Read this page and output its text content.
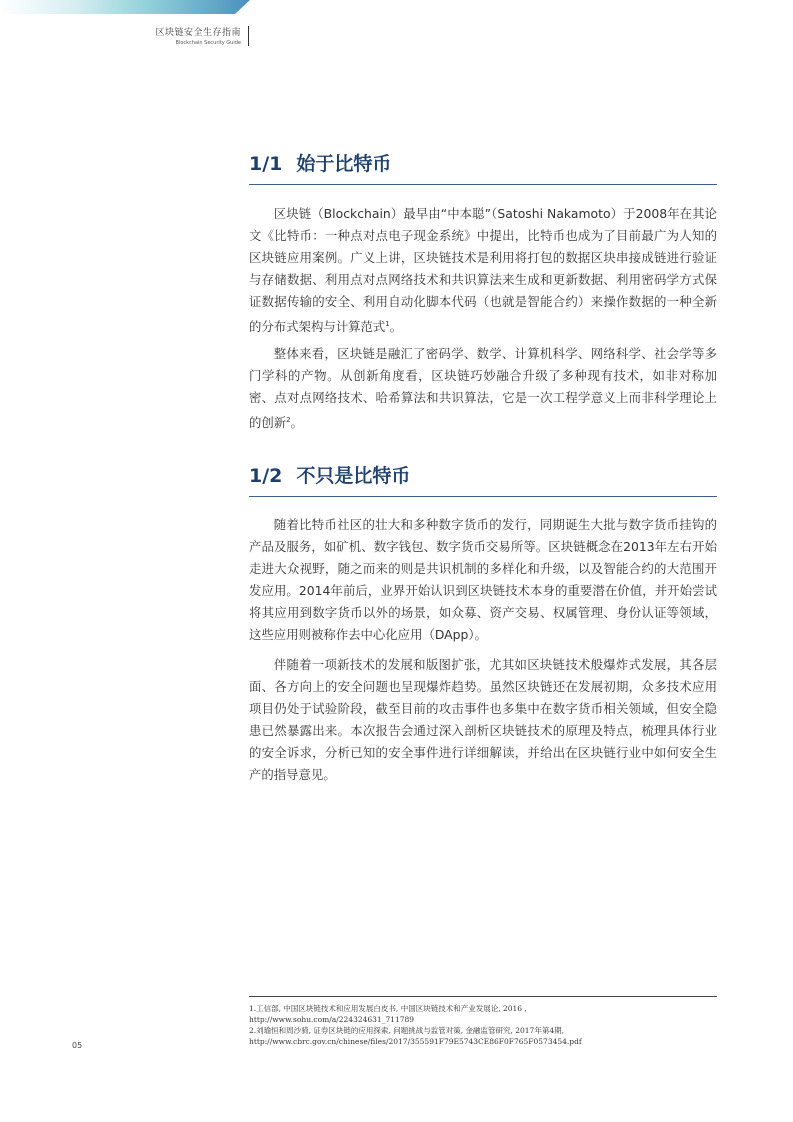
区块链安全生存指南
Blockchain Security Guide
1/1 始于比特币

区块链（Blockchain）最早由“中本聪”（Satoshi Nakamoto）于2008年在其论文《比特币：一种点对点电子现金系统》中提出，比特币也成为了目前最广为人知的区块链应用案例。广义上讲，区块链技术是利用将打包的数据区块串接成链进行验证与存储数据、利用点对点网络技术和共识算法来生成和更新数据、利用密码学方式保证数据传输的安全、利用自动化脚本代码（也就是智能合约）来操作数据的一种全新的分布式架构与计算范式$^1$。

整体来看，区块链是融汇了密码学、数学、计算机科学、网络科学、社会学等多门学科的产物。从创新角度看，区块链巧妙融合升级了多种现有技术，如非对称加密、点对点网络技术、哈希算法和共识算法，它是一次工程学意义上而非科学理论上的创新$^2$。

1/2 不只是比特币

随着比特币社区的壮大和多种数字货币的发行，同期诞生大批与数字货币挂钩的产品及服务，如矿机、数字钱包、数字货币交易所等。区块链概念在2013年左右开始走进大众视野，随之而来的则是共识机制的多样化和升级，以及智能合约的大范围开发应用。2014年前后，业界开始认识到区块链技术本身的重要潜在价值，并开始尝试将其应用到数字货币以外的场景，如众募、资产交易、权属管理、身份认证等领域，这些应用则被称作去中心化应用（DApp）。

伴随着一项新技术的发展和版图扩张，尤其如区块链技术般爆炸式发展，其各层面、各方向上的安全问题也呈现爆炸趋势。虽然区块链还在发展初期，众多技术应用项目仍处于试验阶段，截至目前的攻击事件也多集中在数字货币相关领域，但安全隐患已然暴露出来。本次报告会通过深入剖析区块链技术的原理及特点，梳理具体行业的安全诉求，分析已知的安全事件进行详细解读，并给出在区块链行业中如何安全生产的指导意见。

1.工信部, 中国区块链技术和应用发展白皮书, 中国区块链技术和产业发展论, 2016 ,
http://www.sohu.com/a/224324631_711789
2.刘瑜恒和周沙骑, 证券区块链的应用探索, 问题挑战与监管对策, 金融监管研究, 2017年第4期,
http://www.cbrc.gov.cn/chinese/files/2017/355591F79E5743CE86F0F765F0573454.pdf
05
